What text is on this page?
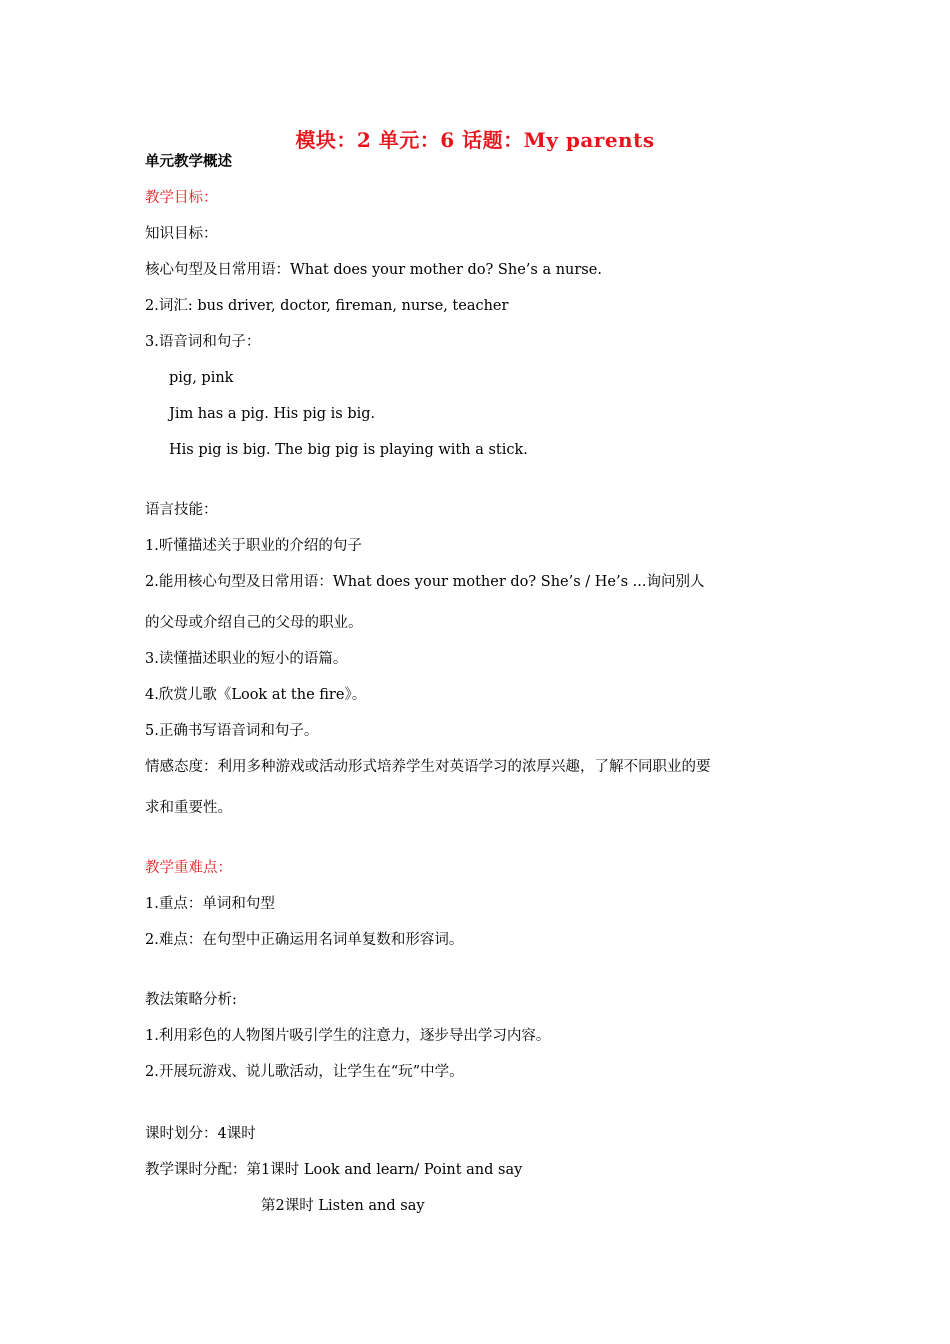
模块：2 单元：6 话题：My parents
单元教学概述
教学目标：
知识目标：
核心句型及日常用语：What does your mother do? She’s a nurse.
2.词汇: bus driver, doctor, fireman, nurse, teacher
3.语音词和句子：
pig, pink
Jim has a pig. His pig is big.
His pig is big. The big pig is playing with a stick.
语言技能：
1.听懂描述关于职业的介绍的句子
2.能用核心句型及日常用语：What does your mother do? She’s / He’s ...询问别人
的父母或介绍自己的父母的职业。
3.读懂描述职业的短小的语篇。
4.欣赏儿歌《Look at the fire》。
5.正确书写语音词和句子。
情感态度：利用多种游戏或活动形式培养学生对英语学习的浓厚兴趣，了解不同职业的要
求和重要性。
教学重难点：
1.重点：单词和句型
2.难点：在句型中正确运用名词单复数和形容词。
教法策略分析:
1.利用彩色的人物图片吸引学生的注意力，逐步导出学习内容。
2.开展玩游戏、说儿歌活动，让学生在“玩”中学。
课时划分：4课时
教学课时分配：第1课时 Look and learn/ Point and say
第2课时 Listen and say
